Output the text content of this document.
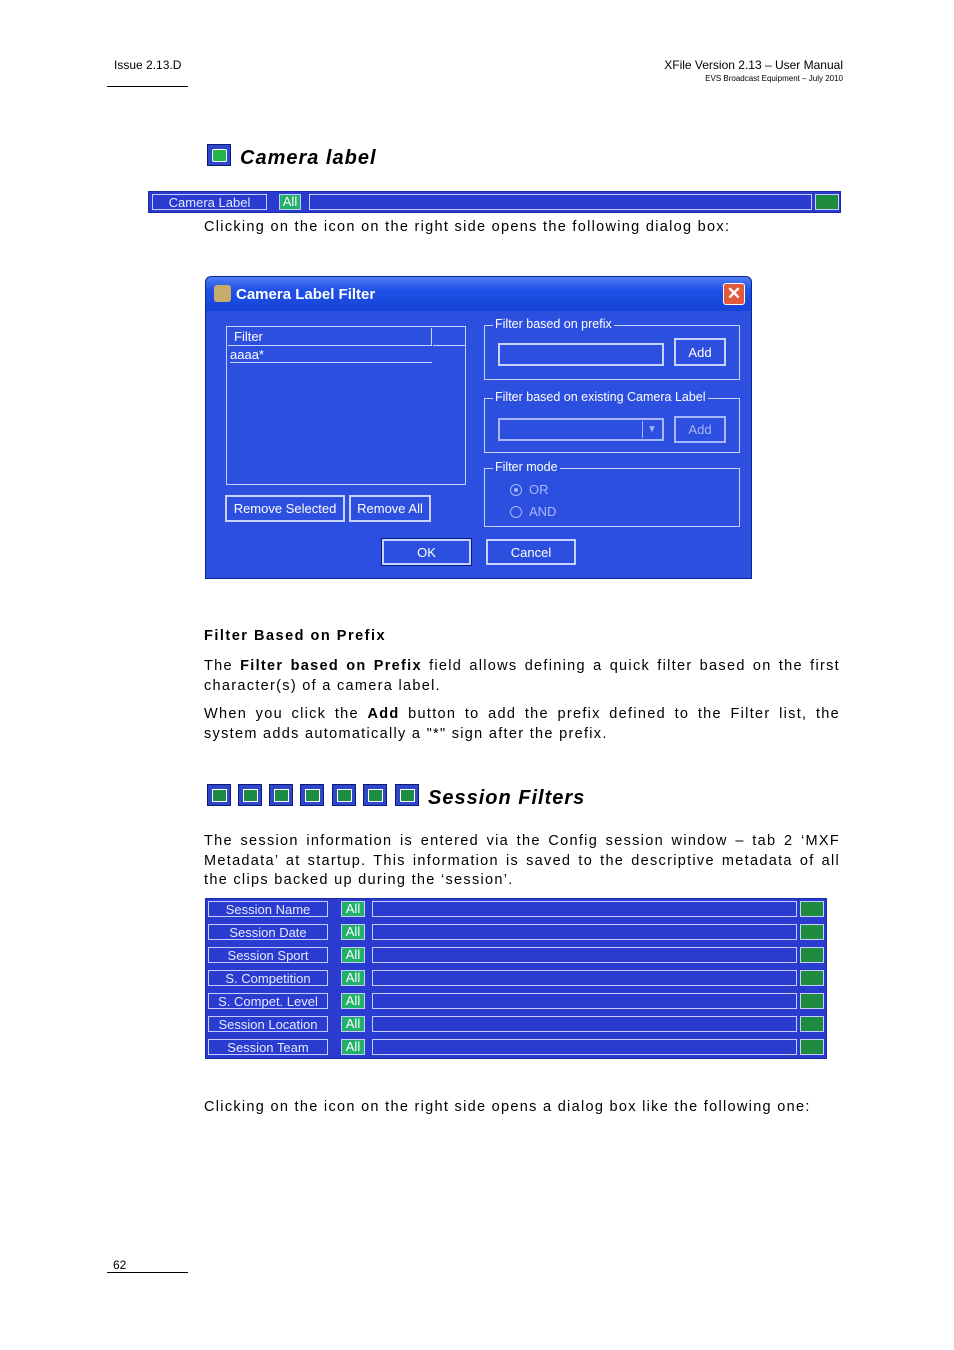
Issue 2.13.D	XFile Version 2.13 – User Manual
EVS Broadcast Equipment – July 2010
Camera label
Camera Label	All
Clicking on the icon on the right side opens the following dialog box:
Camera Label Filter	✕
Filter
aaaa*
Remove Selected	Remove All
Filter based on prefix
Add
Filter based on existing Camera Label
▼	Add
Filter mode
OR
AND
OK	Cancel
Filter Based on Prefix
The Filter based on Prefix field allows defining a quick filter based on the first character(s) of a camera label.
When you click the Add button to add the prefix defined to the Filter list, the system adds automatically a "*" sign after the prefix.
Session Filters
The session information is entered via the Config session window – tab 2 ‘MXF Metadata’ at startup. This information is saved to the descriptive metadata of all the clips backed up during the ‘session’.
Session Name	All
Session Date	All
Session Sport	All
S. Competition	All
S. Compet. Level	All
Session Location	All
Session Team	All
Clicking on the icon on the right side opens a dialog box like the following one:
62
